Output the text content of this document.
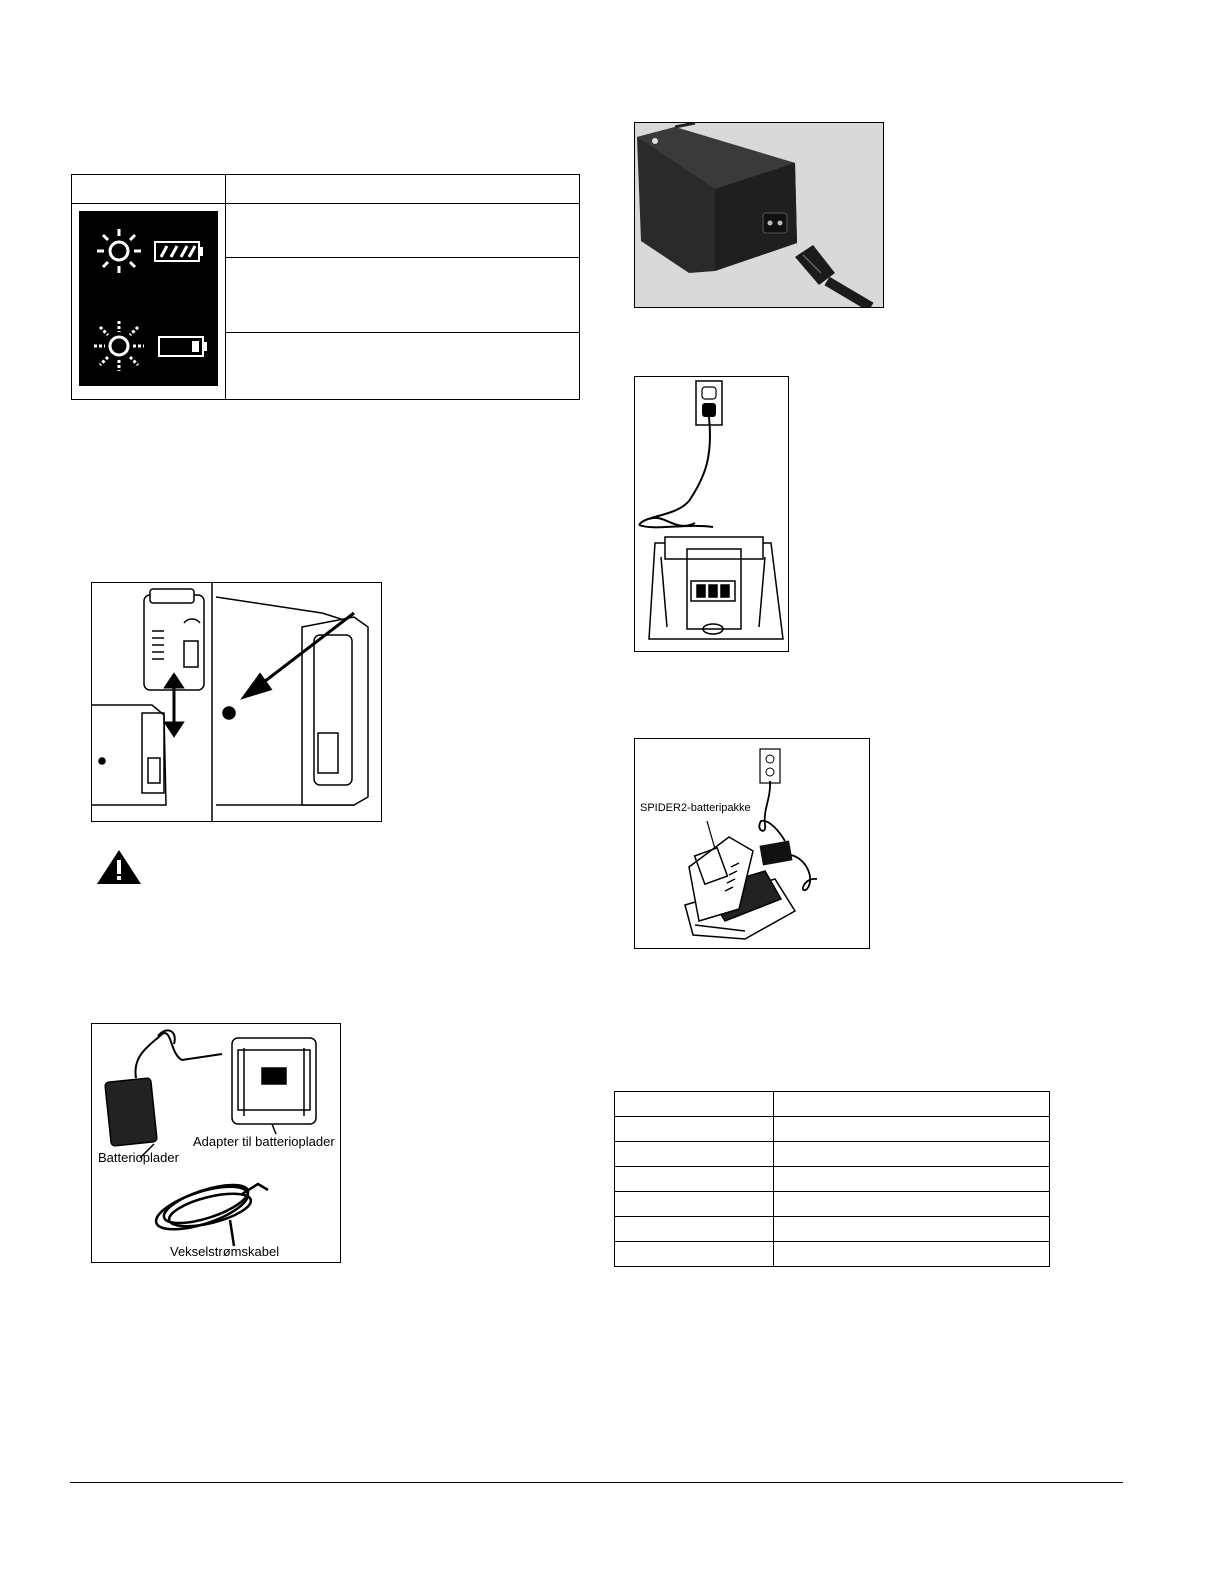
Batterioplader
Adapter til batterioplader
Vekselstrømskabel
SPIDER2-batteripakke
